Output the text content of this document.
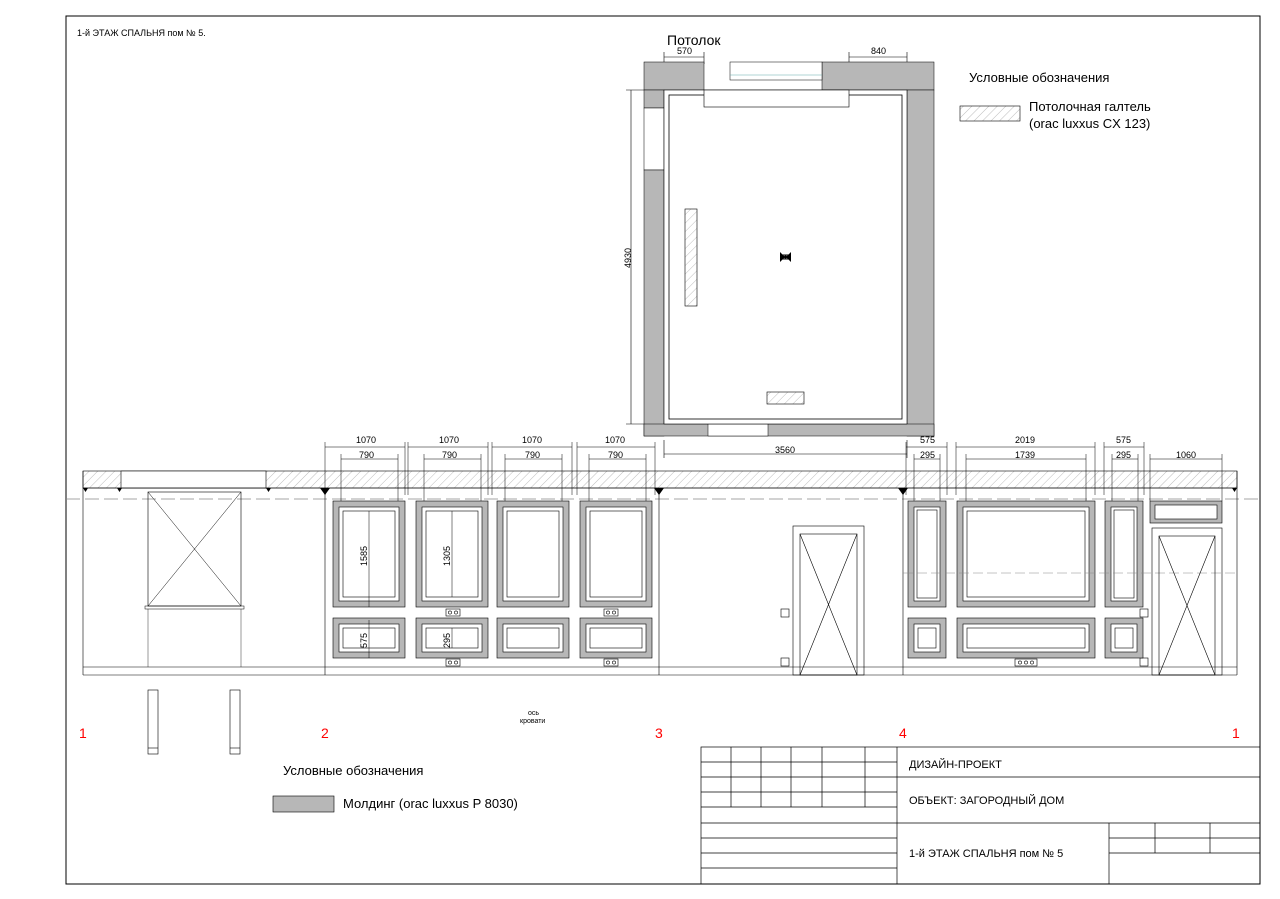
1-й ЭТАЖ СПАЛЬНЯ пом № 5.	Потолок
570	840
4930
3560
Условные обозначения
Потолочная галтель
(orac luxxus CX 123)
1070
790
1070
790
1070
790
1070
790
575
295
2019
1739
575
295	1060
1585	1305
575	295
ось
кровати
1	2	3	4	1
Условные обозначения
Молдинг (orac luxxus P 8030)
ДИЗАЙН-ПРОЕКТ
ОБЪЕКТ: ЗАГОРОДНЫЙ ДОМ
1-й ЭТАЖ СПАЛЬНЯ пом № 5
